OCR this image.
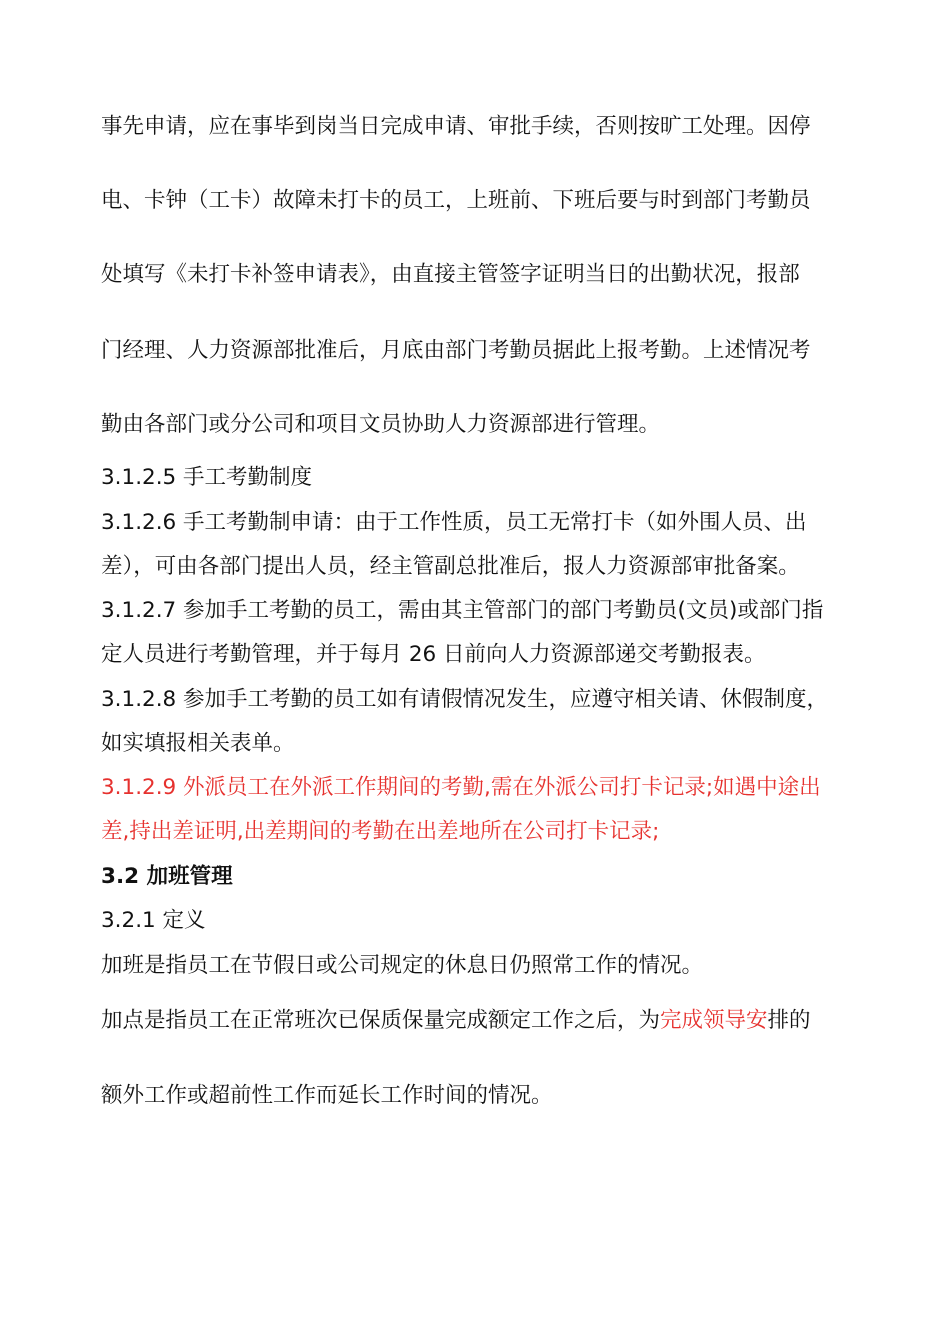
事先申请，应在事毕到岗当日完成申请、审批手续，否则按旷工处理。因停
电、卡钟（工卡）故障未打卡的员工，上班前、下班后要与时到部门考勤员
处填写《未打卡补签申请表》，由直接主管签字证明当日的出勤状况，报部
门经理、人力资源部批准后，月底由部门考勤员据此上报考勤。上述情况考
勤由各部门或分公司和项目文员协助人力资源部进行管理。
3.1.2.5 手工考勤制度
3.1.2.6 手工考勤制申请：由于工作性质，员工无常打卡（如外围人员、出
差），可由各部门提出人员，经主管副总批准后，报人力资源部审批备案。
3.1.2.7 参加手工考勤的员工，需由其主管部门的部门考勤员(文员)或部门指
定人员进行考勤管理，并于每月 26 日前向人力资源部递交考勤报表。
3.1.2.8 参加手工考勤的员工如有请假情况发生，应遵守相关请、休假制度，
如实填报相关表单。
3.1.2.9 外派员工在外派工作期间的考勤,需在外派公司打卡记录;如遇中途出
差,持出差证明,出差期间的考勤在出差地所在公司打卡记录;
3.2 加班管理
3.2.1 定义
加班是指员工在节假日或公司规定的休息日仍照常工作的情况。
加点是指员工在正常班次已保质保量完成额定工作之后，为完成领导安排的
额外工作或超前性工作而延长工作时间的情况。
